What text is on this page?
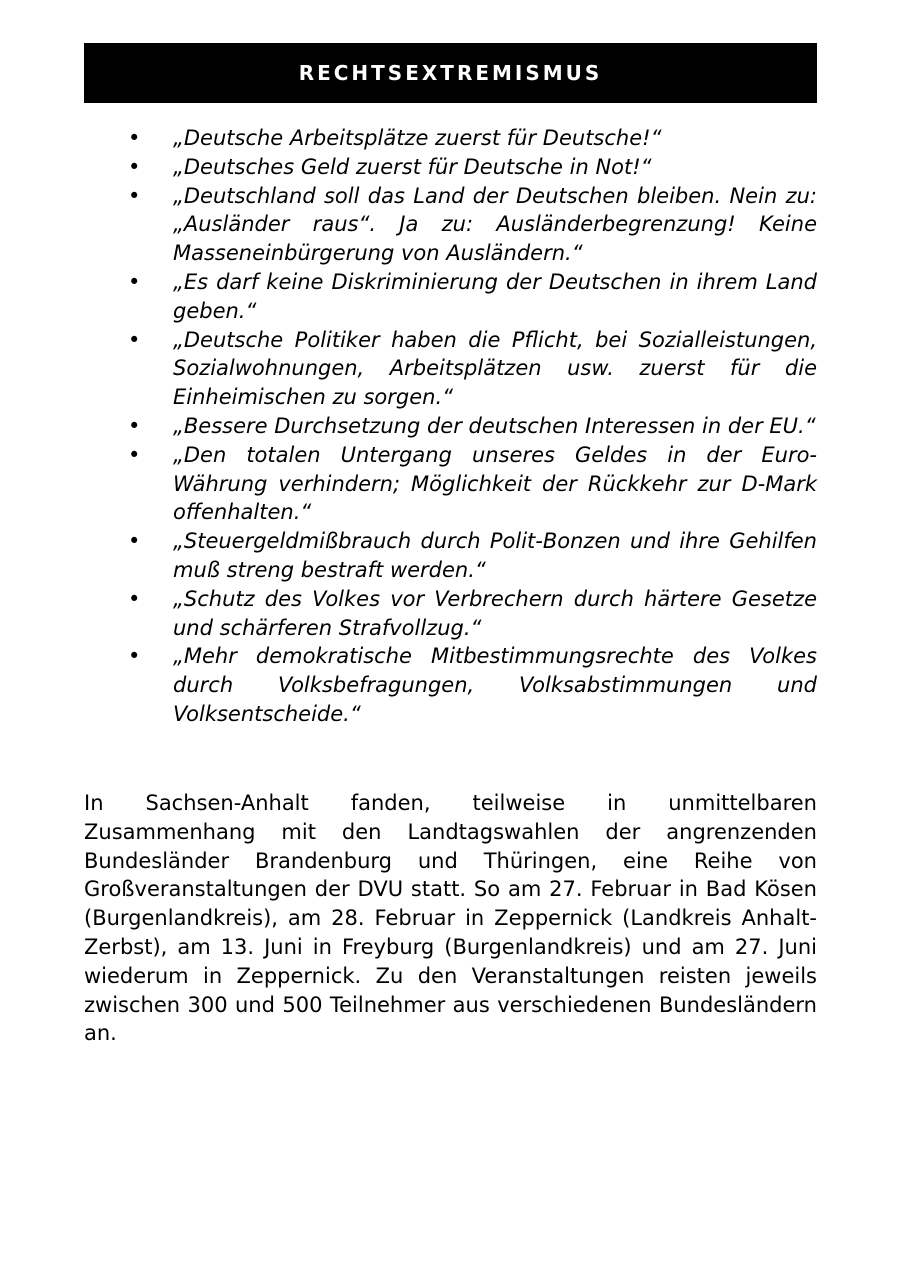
RECHTSEXTREMISMUS
• „Deutsche Arbeitsplätze zuerst für Deutsche!“
• „Deutsches Geld zuerst für Deutsche in Not!“
• „Deutschland soll das Land der Deutschen bleiben. Nein zu: „Ausländer raus“. Ja zu: Ausländerbegrenzung! Keine Masseneinbürgerung von Ausländern.“
• „Es darf keine Diskriminierung der Deutschen in ihrem Land geben.“
• „Deutsche Politiker haben die Pflicht, bei Sozialleistungen, Sozialwohnungen, Arbeitsplätzen usw. zuerst für die Einheimischen zu sorgen.“
• „Bessere Durchsetzung der deutschen Interessen in der EU.“
• „Den totalen Untergang unseres Geldes in der Euro-Währung verhindern; Möglichkeit der Rückkehr zur D-Mark offenhalten.“
• „Steuergeldmißbrauch durch Polit-Bonzen und ihre Gehilfen muß streng bestraft werden.“
• „Schutz des Volkes vor Verbrechern durch härtere Gesetze und schärferen Strafvollzug.“
• „Mehr demokratische Mitbestimmungsrechte des Volkes durch Volksbefragungen, Volksabstimmungen und Volksentscheide.“

In Sachsen-Anhalt fanden, teilweise in unmittelbaren Zusammenhang mit den Landtagswahlen der angrenzenden Bundesländer Brandenburg und Thüringen, eine Reihe von Großveranstaltungen der DVU statt. So am 27. Februar in Bad Kösen (Burgenlandkreis), am 28. Februar in Zeppernick (Landkreis Anhalt-Zerbst), am 13. Juni in Freyburg (Burgenlandkreis) und am 27. Juni wiederum in Zeppernick. Zu den Veranstaltungen reisten jeweils zwischen 300 und 500 Teilnehmer aus verschiedenen Bundesländern an.
